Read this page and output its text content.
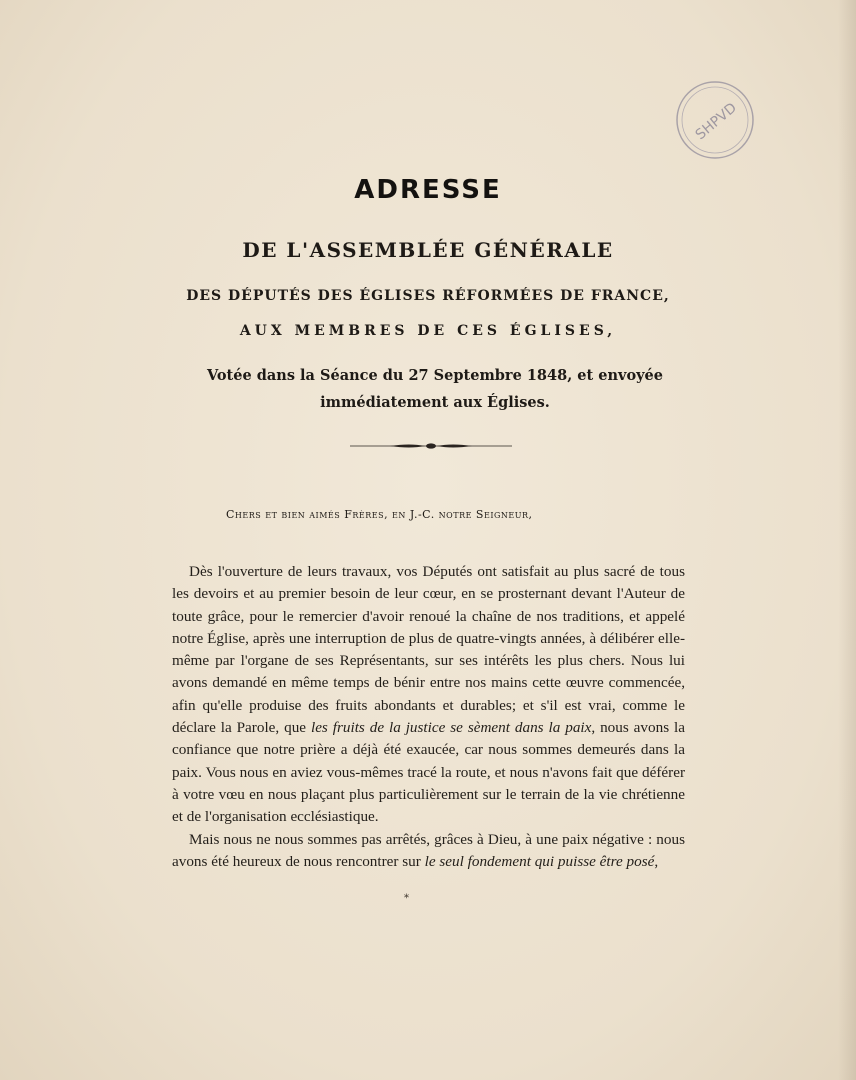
SHPVD
ADRESSE
DE L'ASSEMBLÉE GÉNÉRALE
DES DÉPUTÉS DES ÉGLISES RÉFORMÉES DE FRANCE,
AUX MEMBRES DE CES ÉGLISES,
Votée dans la Séance du 27 Septembre 1848, et envoyée immédiatement aux Églises.
Chers et bien aimés Frères, en J.-C. notre Seigneur,

Dès l'ouverture de leurs travaux, vos Députés ont satisfait au plus sacré de tous les devoirs et au premier besoin de leur cœur, en se prosternant devant l'Auteur de toute grâce, pour le remercier d'avoir renoué la chaîne de nos traditions, et appelé notre Église, après une interruption de plus de quatre-vingts années, à délibérer elle-même par l'organe de ses Représentants, sur ses intérêts les plus chers. Nous lui avons demandé en même temps de bénir entre nos mains cette œuvre commencée, afin qu'elle produise des fruits abondants et durables; et s'il est vrai, comme le déclare la Parole, que les fruits de la justice se sèment dans la paix, nous avons la confiance que notre prière a déjà été exaucée, car nous sommes demeurés dans la paix. Vous nous en aviez vous-mêmes tracé la route, et nous n'avons fait que déférer à votre vœu en nous plaçant plus particulièrement sur le terrain de la vie chrétienne et de l'organisation ecclésiastique.

Mais nous ne nous sommes pas arrêtés, grâces à Dieu, à une paix négative : nous avons été heureux de nous rencontrer sur le seul fondement qui puisse être posé,

*
